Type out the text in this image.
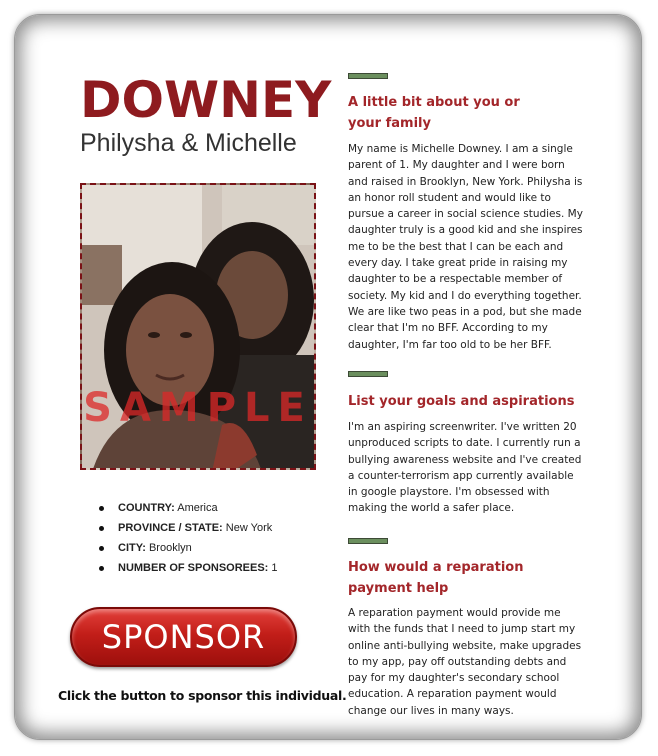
DOWNEY
Philysha & Michelle
SAMPLE
COUNTRY: America
PROVINCE / STATE: New York
CITY: Brooklyn
NUMBER OF SPONSOREES: 1
SPONSOR
Click the button to sponsor this individual.
A little bit about you or your family

My name is Michelle Downey. I am a single parent of 1. My daughter and I were born and raised in Brooklyn, New York. Philysha is an honor roll student and would like to pursue a career in social science studies. My daughter truly is a good kid and she inspires me to be the best that I can be each and every day. I take great pride in raising my daughter to be a respectable member of society. My kid and I do everything together. We are like two peas in a pod, but she made clear that I'm no BFF. According to my daughter, I'm far too old to be her BFF.

List your goals and aspirations

I'm an aspiring screenwriter. I've written 20 unproduced scripts to date. I currently run a bullying awareness website and I've created a counter-terrorism app currently available in google playstore. I'm obsessed with making the world a safer place.

How would a reparation payment help

A reparation payment would provide me with the funds that I need to jump start my online anti-bullying website, make upgrades to my app, pay off outstanding debts and pay for my daughter's secondary school education. A reparation payment would change our lives in many ways.
